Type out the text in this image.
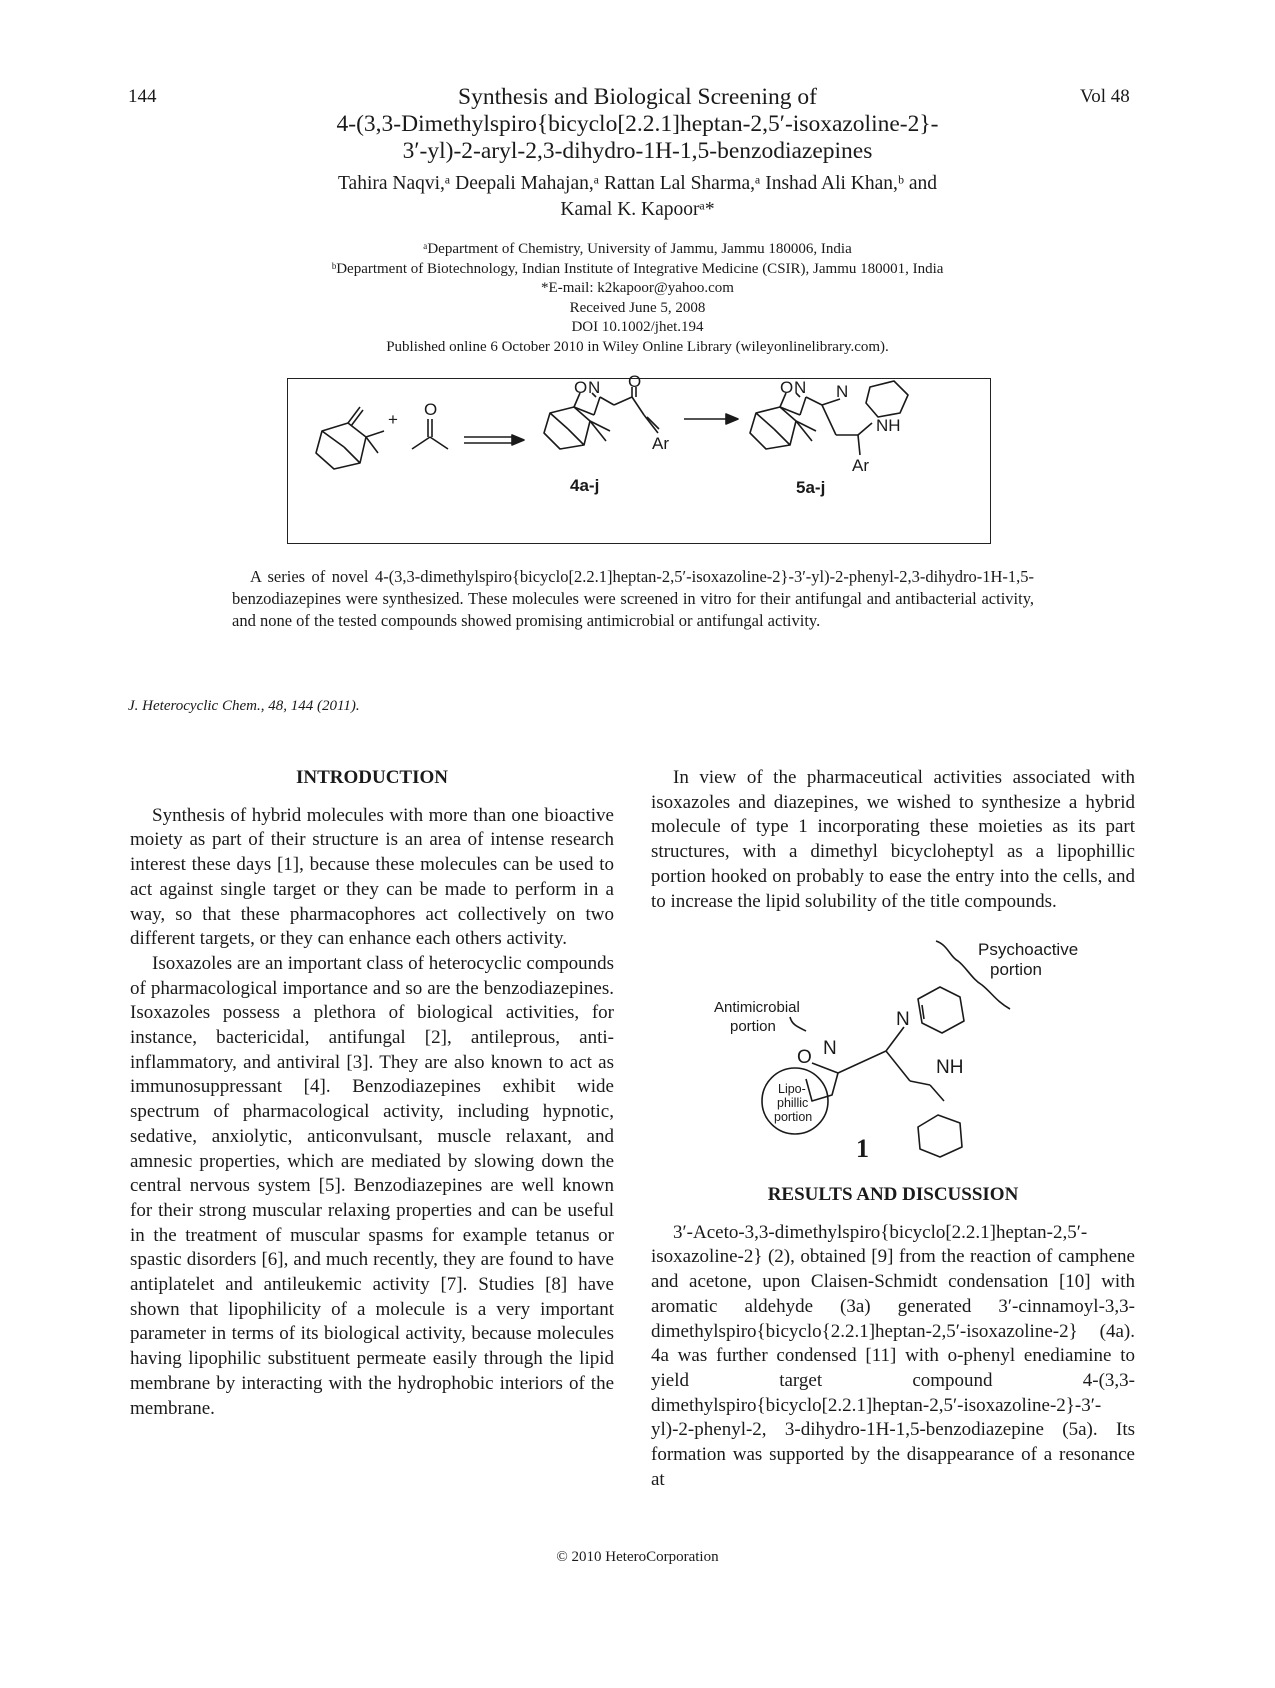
144	Vol 48
Synthesis and Biological Screening of
4-(3,3-Dimethylspiro{bicyclo[2.2.1]heptan-2,5′-isoxazoline-2}-
3′-yl)-2-aryl-2,3-dihydro-1H-1,5-benzodiazepines
Tahira Naqvi,ᵃ Deepali Mahajan,ᵃ Rattan Lal Sharma,ᵃ Inshad Ali Khan,ᵇ and
Kamal K. Kapoorᵃ*
ᵃDepartment of Chemistry, University of Jammu, Jammu 180006, India
ᵇDepartment of Biotechnology, Indian Institute of Integrative Medicine (CSIR), Jammu 180001, India
*E-mail: k2kapoor@yahoo.com
Received June 5, 2008
DOI 10.1002/jhet.194
Published online 6 October 2010 in Wiley Online Library (wileyonlinelibrary.com).
+
O
O N O
Ar
O N N
NH
Ar
4a-j	5a-j
A series of novel 4-(3,3-dimethylspiro{bicyclo[2.2.1]heptan-2,5′-isoxazoline-2}-3′-yl)-2-phenyl-2,3-dihydro-1H-1,5-benzodiazepines were synthesized. These molecules were screened in vitro for their antifungal and antibacterial activity, and none of the tested compounds showed promising antimicrobial or antifungal activity.
J. Heterocyclic Chem., 48, 144 (2011).
INTRODUCTION

Synthesis of hybrid molecules with more than one bioactive moiety as part of their structure is an area of intense research interest these days [1], because these molecules can be used to act against single target or they can be made to perform in a way, so that these pharmacophores act collectively on two different targets, or they can enhance each others activity.

Isoxazoles are an important class of heterocyclic compounds of pharmacological importance and so are the benzodiazepines. Isoxazoles possess a plethora of biological activities, for instance, bactericidal, antifungal [2], antileprous, anti-inflammatory, and antiviral [3]. They are also known to act as immunosuppressant [4]. Benzodiazepines exhibit wide spectrum of pharmacological activity, including hypnotic, sedative, anxiolytic, anticonvulsant, muscle relaxant, and amnesic properties, which are mediated by slowing down the central nervous system [5]. Benzodiazepines are well known for their strong muscular relaxing properties and can be useful in the treatment of muscular spasms for example tetanus or spastic disorders [6], and much recently, they are found to have antiplatelet and antileukemic activity [7]. Studies [8] have shown that lipophilicity of a molecule is a very important parameter in terms of its biological activity, because molecules having lipophilic substituent permeate easily through the lipid membrane by interacting with the hydrophobic interiors of the membrane.

In view of the pharmaceutical activities associated with isoxazoles and diazepines, we wished to synthesize a hybrid molecule of type 1 incorporating these moieties as its part structures, with a dimethyl bicycloheptyl as a lipophillic portion hooked on probably to ease the entry into the cells, and to increase the lipid solubility of the title compounds.

Psychoactive
portion
Antimicrobial
portion
O N
N
NH
Lipo-
phillic
portion
1
RESULTS AND DISCUSSION

3′-Aceto-3,3-dimethylspiro{bicyclo[2.2.1]heptan-2,5′-isoxazoline-2} (2), obtained [9] from the reaction of camphene and acetone, upon Claisen-Schmidt condensation [10] with aromatic aldehyde (3a) generated 3′-cinnamoyl-3,3-dimethylspiro{bicyclo{2.2.1]heptan-2,5′-isoxazoline-2} (4a). 4a was further condensed [11] with o-phenyl enediamine to yield target compound 4-(3,3-dimethylspiro{bicyclo[2.2.1]heptan-2,5′-isoxazoline-2}-3′-yl)-2-phenyl-2, 3-dihydro-1H-1,5-benzodiazepine (5a). Its formation was supported by the disappearance of a resonance at

© 2010 HeteroCorporation
